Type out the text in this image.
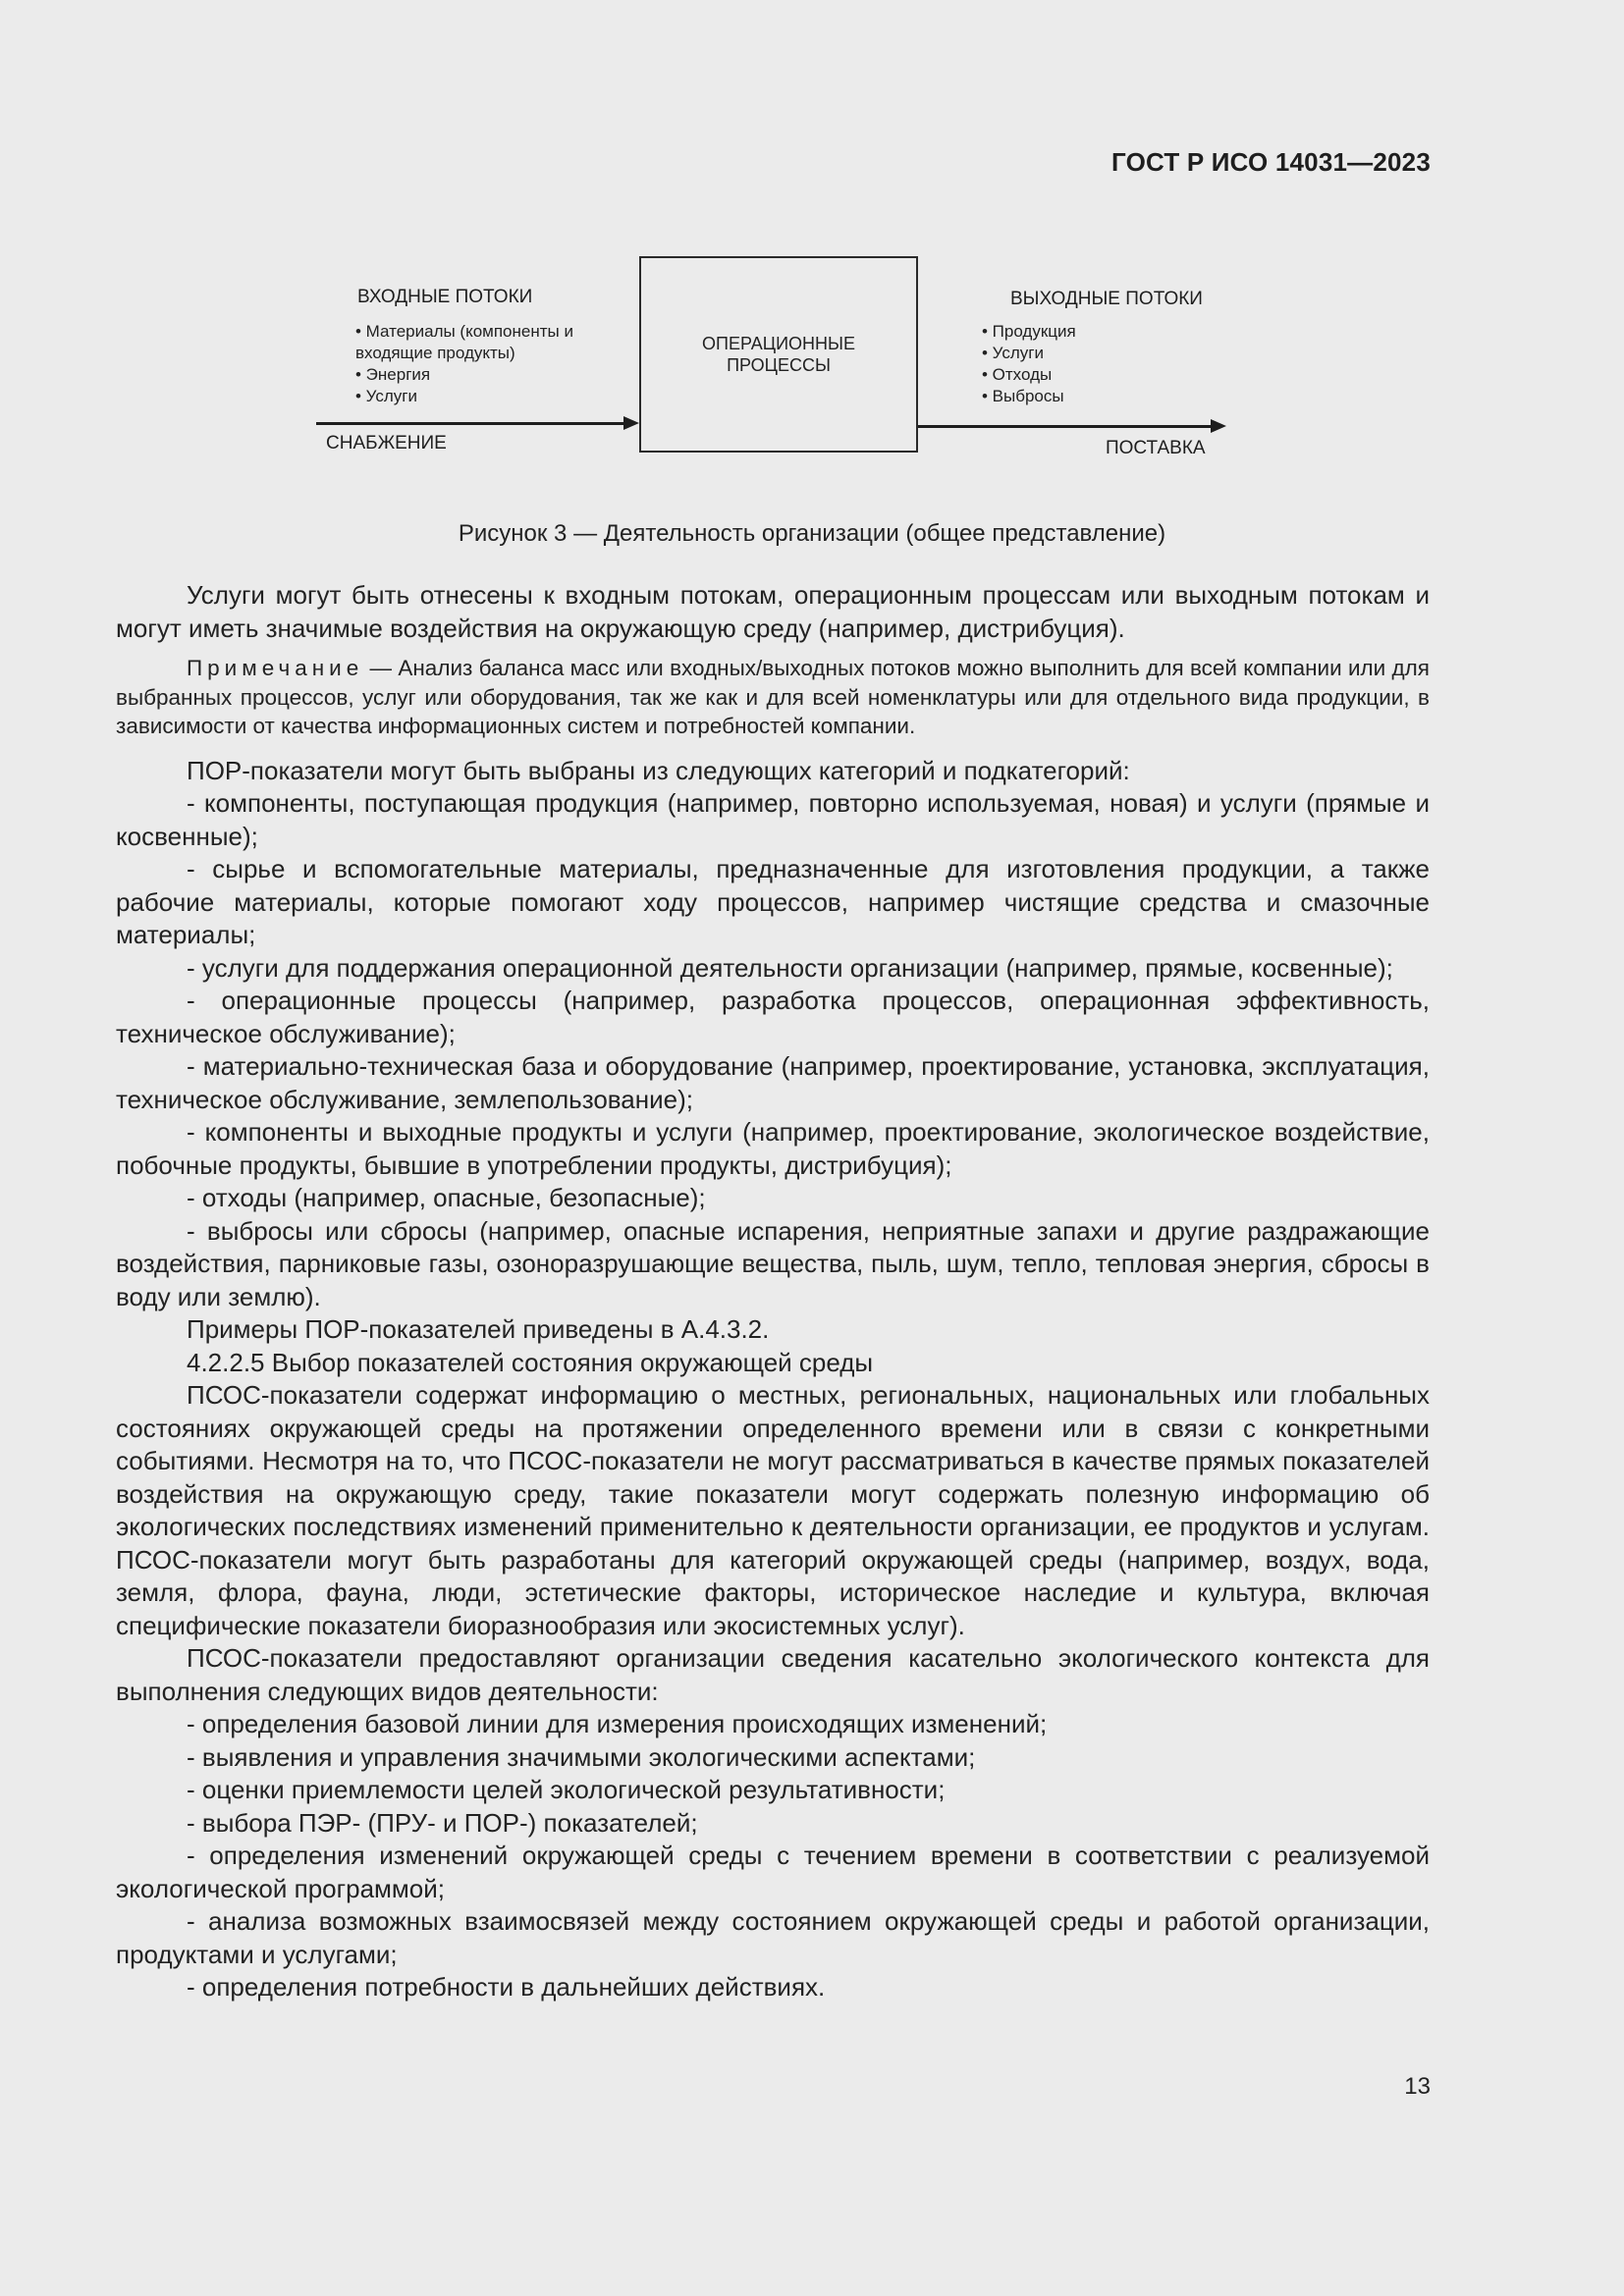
ГОСТ Р ИСО 14031—2023
ВХОДНЫЕ ПОТОКИ
• Материалы (компоненты и
входящие продукты)
• Энергия
• Услуги
СНАБЖЕНИЕ
ОПЕРАЦИОННЫЕ
ПРОЦЕССЫ
ВЫХОДНЫЕ ПОТОКИ
• Продукция
• Услуги
• Отходы
• Выбросы
ПОСТАВКА
Рисунок 3 — Деятельность организации (общее представление)

Услуги могут быть отнесены к входным потокам, операционным процессам или выходным потокам и могут иметь значимые воздействия на окружающую среду (например, дистрибуция).

Примечание — Анализ баланса масс или входных/выходных потоков можно выполнить для всей компании или для выбранных процессов, услуг или оборудования, так же как и для всей номенклатуры или для отдельного вида продукции, в зависимости от качества информационных систем и потребностей компании.

ПОР-показатели могут быть выбраны из следующих категорий и подкатегорий:

- компоненты, поступающая продукция (например, повторно используемая, новая) и услуги (прямые и косвенные);

- сырье и вспомогательные материалы, предназначенные для изготовления продукции, а также рабочие материалы, которые помогают ходу процессов, например чистящие средства и смазочные материалы;

- услуги для поддержания операционной деятельности организации (например, прямые, косвенные);

- операционные процессы (например, разработка процессов, операционная эффективность, техническое обслуживание);

- материально-техническая база и оборудование (например, проектирование, установка, эксплуатация, техническое обслуживание, землепользование);

- компоненты и выходные продукты и услуги (например, проектирование, экологическое воздействие, побочные продукты, бывшие в употреблении продукты, дистрибуция);

- отходы (например, опасные, безопасные);

- выбросы или сбросы (например, опасные испарения, неприятные запахи и другие раздражающие воздействия, парниковые газы, озоноразрушающие вещества, пыль, шум, тепло, тепловая энергия, сбросы в воду или землю).

Примеры ПОР-показателей приведены в А.4.3.2.

4.2.2.5 Выбор показателей состояния окружающей среды

ПСОС-показатели содержат информацию о местных, региональных, национальных или глобальных состояниях окружающей среды на протяжении определенного времени или в связи с конкретными событиями. Несмотря на то, что ПСОС-показатели не могут рассматриваться в качестве прямых показателей воздействия на окружающую среду, такие показатели могут содержать полезную информацию об экологических последствиях изменений применительно к деятельности организации, ее продуктов и услугам. ПСОС-показатели могут быть разработаны для категорий окружающей среды (например, воздух, вода, земля, флора, фауна, люди, эстетические факторы, историческое наследие и культура, включая специфические показатели биоразнообразия или экосистемных услуг).

ПСОС-показатели предоставляют организации сведения касательно экологического контекста для выполнения следующих видов деятельности:

- определения базовой линии для измерения происходящих изменений;

- выявления и управления значимыми экологическими аспектами;

- оценки приемлемости целей экологической результативности;

- выбора ПЭР- (ПРУ- и ПОР-) показателей;

- определения изменений окружающей среды с течением времени в соответствии с реализуемой экологической программой;

- анализа возможных взаимосвязей между состоянием окружающей среды и работой организации, продуктами и услугами;

- определения потребности в дальнейших действиях.

13
